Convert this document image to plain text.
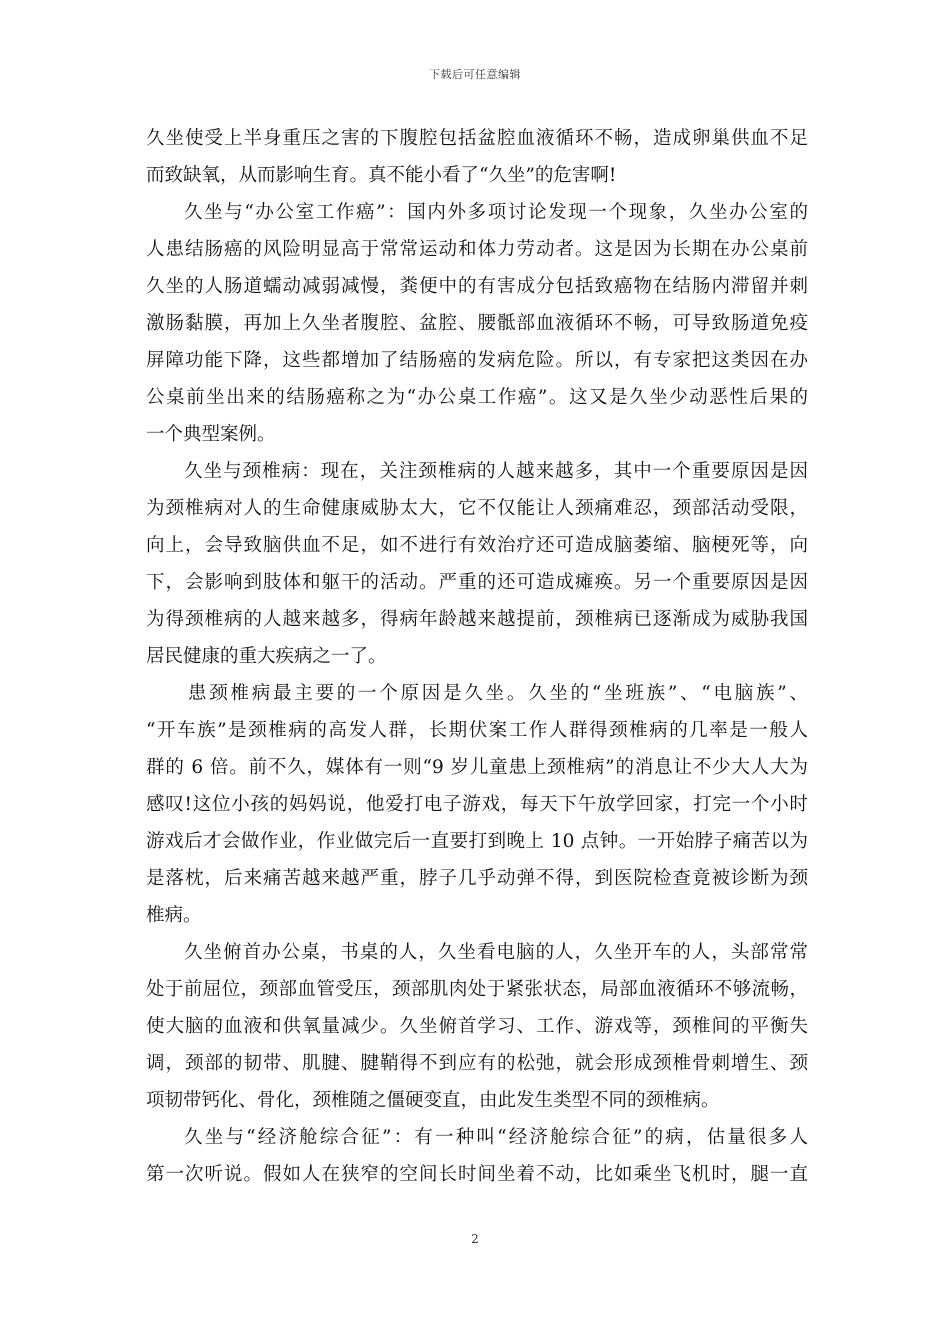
下载后可任意编辑
久坐使受上半身重压之害的下腹腔包括盆腔血液循环不畅，造成卵巢供血不足
而致缺氧，从而影响生育。真不能小看了“久坐”的危害啊!
久坐与“办公室工作癌”：国内外多项讨论发现一个现象，久坐办公室的
人患结肠癌的风险明显高于常常运动和体力劳动者。这是因为长期在办公桌前
久坐的人肠道蠕动减弱减慢，粪便中的有害成分包括致癌物在结肠内滞留并刺
激肠黏膜，再加上久坐者腹腔、盆腔、腰骶部血液循环不畅，可导致肠道免疫
屏障功能下降，这些都增加了结肠癌的发病危险。所以，有专家把这类因在办
公桌前坐出来的结肠癌称之为“办公桌工作癌”。这又是久坐少动恶性后果的
一个典型案例。
久坐与颈椎病：现在，关注颈椎病的人越来越多，其中一个重要原因是因
为颈椎病对人的生命健康威胁太大，它不仅能让人颈痛难忍，颈部活动受限，
向上，会导致脑供血不足，如不进行有效治疗还可造成脑萎缩、脑梗死等，向
下，会影响到肢体和躯干的活动。严重的还可造成瘫痪。另一个重要原因是因
为得颈椎病的人越来越多，得病年龄越来越提前，颈椎病已逐渐成为威胁我国
居民健康的重大疾病之一了。
患颈椎病最主要的一个原因是久坐。久坐的“坐班族”、“电脑族”、
“开车族”是颈椎病的高发人群，长期伏案工作人群得颈椎病的几率是一般人
群的 6 倍。前不久，媒体有一则“9 岁儿童患上颈椎病”的消息让不少大人大为
感叹!这位小孩的妈妈说，他爱打电子游戏，每天下午放学回家，打完一个小时
游戏后才会做作业，作业做完后一直要打到晚上 10 点钟。一开始脖子痛苦以为
是落枕，后来痛苦越来越严重，脖子几乎动弹不得，到医院检查竟被诊断为颈
椎病。
久坐俯首办公桌，书桌的人，久坐看电脑的人，久坐开车的人，头部常常
处于前屈位，颈部血管受压，颈部肌肉处于紧张状态，局部血液循环不够流畅，
使大脑的血液和供氧量减少。久坐俯首学习、工作、游戏等，颈椎间的平衡失
调，颈部的韧带、肌腱、腱鞘得不到应有的松弛，就会形成颈椎骨刺增生、颈
项韧带钙化、骨化，颈椎随之僵硬变直，由此发生类型不同的颈椎病。
久坐与“经济舱综合征”：有一种叫“经济舱综合征”的病，估量很多人
第一次听说。假如人在狭窄的空间长时间坐着不动，比如乘坐飞机时，腿一直
2
